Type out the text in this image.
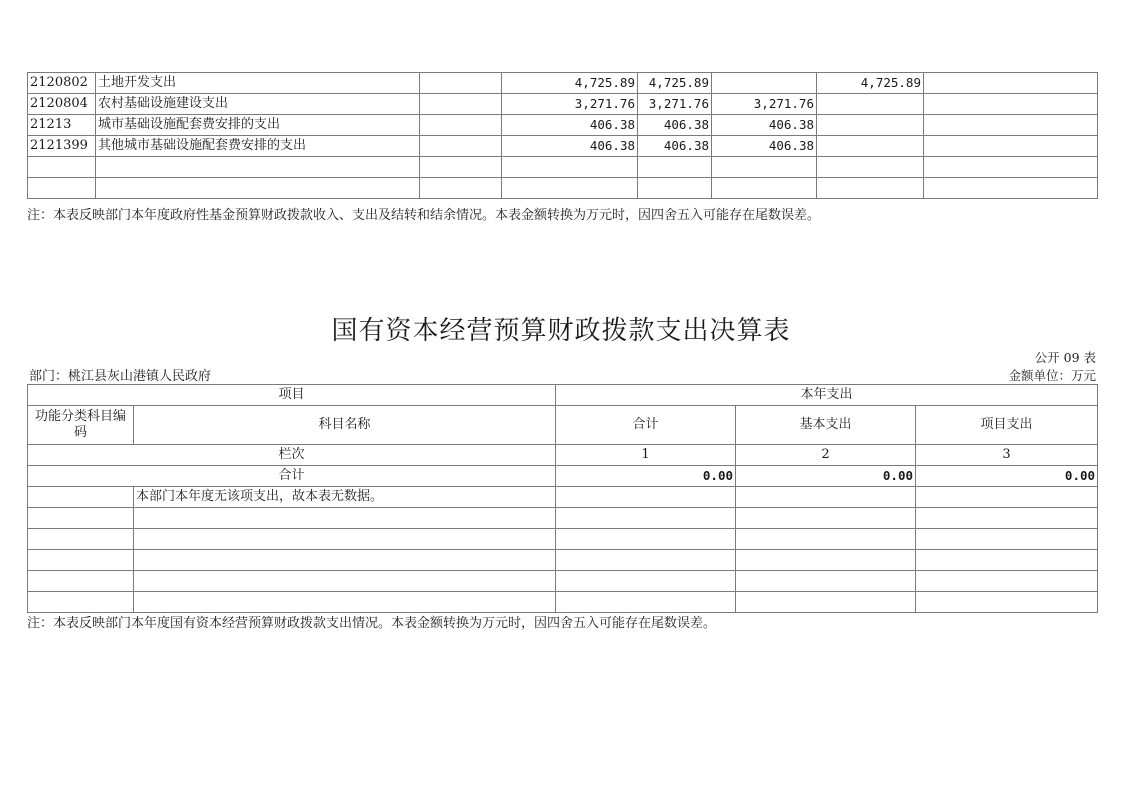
2120802	土地开发支出		4,725.89	4,725.89		4,725.89	
2120804	农村基础设施建设支出		3,271.76	3,271.76	3,271.76		
21213	城市基础设施配套费安排的支出		406.38	406.38	406.38		
2121399	其他城市基础设施配套费安排的支出		406.38	406.38	406.38		

注：本表反映部门本年度政府性基金预算财政拨款收入、支出及结转和结余情况。本表金额转换为万元时，因四舍五入可能存在尾数误差。
国有资本经营预算财政拨款支出决算表
公开 09 表
部门：桃江县灰山港镇人民政府	金额单位：万元
项目		本年支出		
功能分类科目编码	科目名称	合计	基本支出	项目支出
栏次		1	2	3
合计		0.00	0.00	0.00
	本部门本年度无该项支出，故本表无数据。			

注：本表反映部门本年度国有资本经营预算财政拨款支出情况。本表金额转换为万元时，因四舍五入可能存在尾数误差。
